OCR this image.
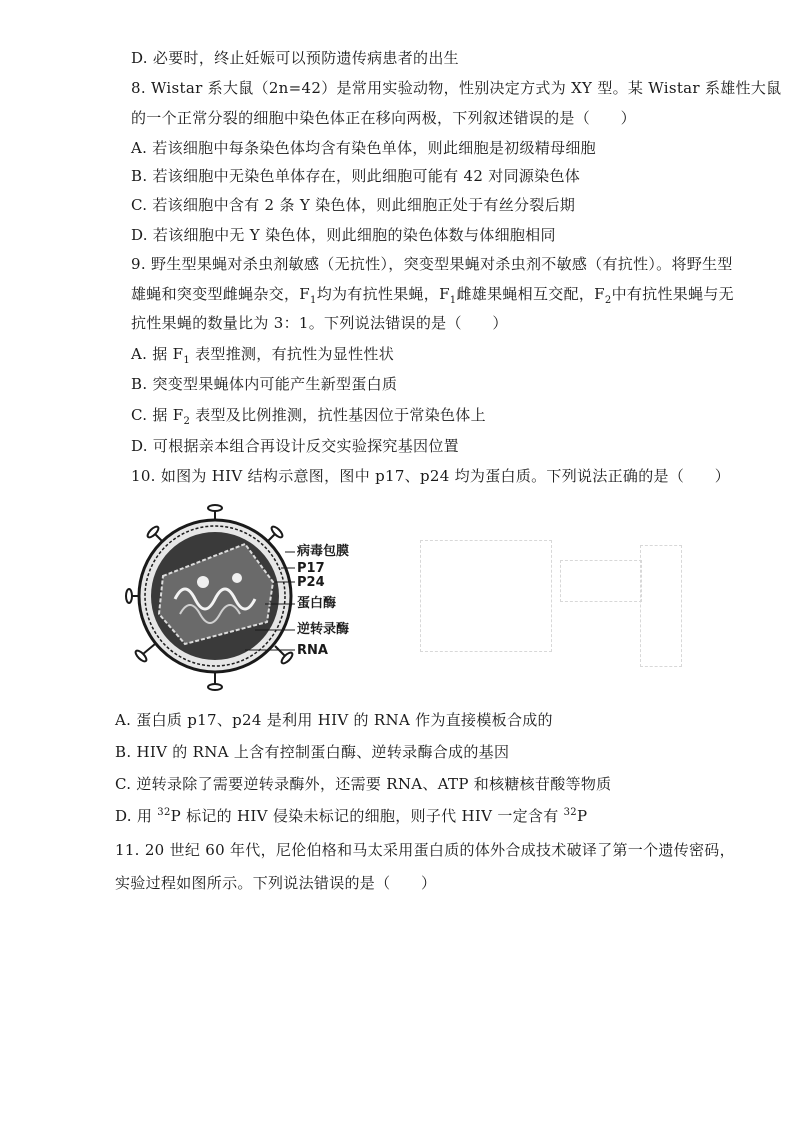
D. 必要时，终止妊娠可以预防遗传病患者的出生
8. Wistar 系大鼠（2n=42）是常用实验动物，性别决定方式为 XY 型。某 Wistar 系雄性大鼠
的一个正常分裂的细胞中染色体正在移向两极，下列叙述错误的是（　　）
A. 若该细胞中每条染色体均含有染色单体，则此细胞是初级精母细胞
B. 若该细胞中无染色单体存在，则此细胞可能有 42 对同源染色体
C. 若该细胞中含有 2 条 Y 染色体，则此细胞正处于有丝分裂后期
D. 若该细胞中无 Y 染色体，则此细胞的染色体数与体细胞相同
9. 野生型果蝇对杀虫剂敏感（无抗性），突变型果蝇对杀虫剂不敏感（有抗性）。将野生型
雄蝇和突变型雌蝇杂交，$F_1$均为有抗性果蝇，$F_1$雌雄果蝇相互交配，$F_2$中有抗性果蝇与无
抗性果蝇的数量比为 3：1。下列说法错误的是（　　）
A. 据 $F_1$ 表型推测，有抗性为显性性状
B. 突变型果蝇体内可能产生新型蛋白质
C. 据 $F_2$ 表型及比例推测，抗性基因位于常染色体上
D. 可根据亲本组合再设计反交实验探究基因位置
10. 如图为 HIV 结构示意图，图中 p17、p24 均为蛋白质。下列说法正确的是（　　）
病毒包膜
P17
P24
蛋白酶
逆转录酶
RNA
A. 蛋白质 p17、p24 是利用 HIV 的 RNA 作为直接模板合成的
B. HIV 的 RNA 上含有控制蛋白酶、逆转录酶合成的基因
C. 逆转录除了需要逆转录酶外，还需要 RNA、ATP 和核糖核苷酸等物质
D. 用 $^{32}$P 标记的 HIV 侵染未标记的细胞，则子代 HIV 一定含有 $^{32}$P
11. 20 世纪 60 年代，尼伦伯格和马太采用蛋白质的体外合成技术破译了第一个遗传密码，
实验过程如图所示。下列说法错误的是（　　）
